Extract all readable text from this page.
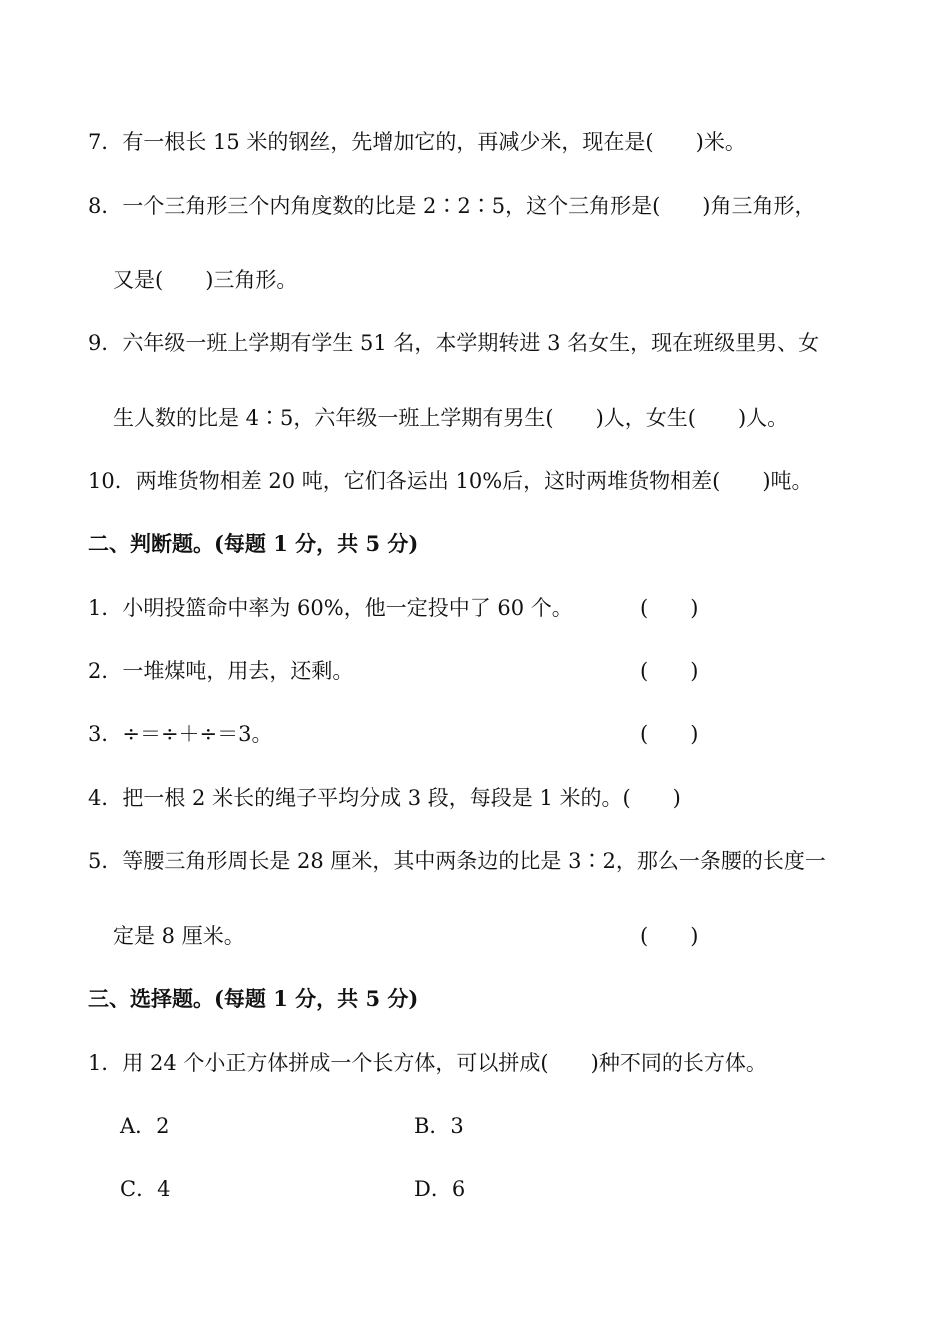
7．有一根长 15 米的钢丝，先增加它的，再减少米，现在是(　　)米。
8．一个三角形三个内角度数的比是 2∶2∶5，这个三角形是(　　)角三角形，
又是(　　)三角形。
9．六年级一班上学期有学生 51 名，本学期转进 3 名女生，现在班级里男、女
生人数的比是 4∶5，六年级一班上学期有男生(　　)人，女生(　　)人。
10．两堆货物相差 20 吨，它们各运出 10%后，这时两堆货物相差(　　)吨。
二、判断题。(每题 1 分，共 5 分)
1．小明投篮命中率为 60%，他一定投中了 60 个。	(　　)
2．一堆煤吨，用去，还剩。	(　　)
3．÷＝÷＋÷＝3。	(　　)
4．把一根 2 米长的绳子平均分成 3 段，每段是 1 米的。(　　)
5．等腰三角形周长是 28 厘米，其中两条边的比是 3∶2，那么一条腰的长度一
定是 8 厘米。	(　　)
三、选择题。(每题 1 分，共 5 分)
1．用 24 个小正方体拼成一个长方体，可以拼成(　　)种不同的长方体。
A．2	B．3
C．4	D．6
